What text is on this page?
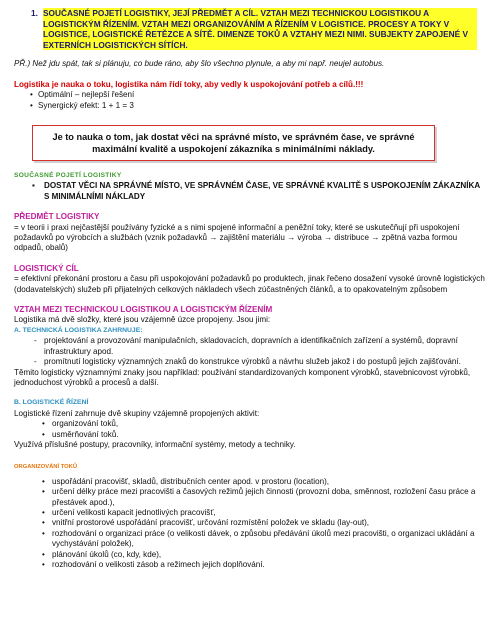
1. SOUČASNÉ POJETÍ LOGISTIKY, JEJÍ PŘEDMĚT A CÍL. VZTAH MEZI TECHNICKOU LOGISTIKOU A LOGISTICKÝM ŘÍZENÍM. VZTAH MEZI ORGANIZOVÁNÍM A ŘÍZENÍM V LOGISTICE. PROCESY A TOKY V LOGISTICE, LOGISTICKÉ ŘETĚZCE A SÍTĚ. DIMENZE TOKŮ A VZTAHY MEZI NIMI. SUBJEKTY ZAPOJENÉ V EXTERNÍCH LOGISTICKÝCH SÍTÍCH.
PŘ.) Než jdu spát, tak si plánuju, co bude ráno, aby šlo všechno plynule, a aby mi např. neujel autobus.
Logistika je nauka o toku, logistika nám řídí toky, aby vedly k uspokojování potřeb a cílů.!!!
• Optimální – nejlepší řešení
• Synergický efekt: 1 + 1 = 3
Je to nauka o tom, jak dostat věci na správné místo, ve správném čase, ve správné maximální kvalitě a uspokojení zákazníka s minimálními náklady.
SOUČASNÉ POJETÍ LOGISTIKY
▪ DOSTAT VĚCI NA SPRÁVNÉ MÍSTO, VE SPRÁVNÉM ČASE, VE SPRÁVNÉ KVALITĚ S USPOKOJENÍM ZÁKAZNÍKA S MINIMÁLNÍMI NÁKLADY
PŘEDMĚT LOGISTIKY
= v teorii i praxi nejčastější používány fyzické a s nimi spojené informační a peněžní toky, které se uskutečňují při uspokojení požadavků po výrobcích a službách (vznik požadavků → zajištění materiálu → výroba → distribuce → zpětná vazba formou odpadů, obalů)
LOGISTICKÝ CÍL
= efektivní překonání prostoru a času při uspokojování požadavků po produktech, jinak řečeno dosažení vysoké úrovně logistických (dodavatelských) služeb při přijatelných celkových nákladech všech zúčastněných článků, a to opakovatelným způsobem
VZTAH MEZI TECHNICKOU LOGISTIKOU A LOGISTICKÝM ŘÍZENÍM
Logistika má dvě složky, které jsou vzájemně úzce propojeny. Jsou jimi:
A. TECHNICKÁ LOGISTIKA ZAHRNUJE:
- projektování a provozování manipulačních, skladovacích, dopravních a identifikačních zařízení a systémů, dopravní infrastruktury apod.
- promítnutí logisticky významných znaků do konstrukce výrobků a návrhu služeb jakož i do postupů jejich zajišťování.
Těmito logisticky významnými znaky jsou například: používání standardizovaných komponent výrobků, stavebnicovost výrobků, jednoduchost výrobků a procesů a další.
B. LOGISTICKÉ ŘÍZENÍ
Logistické řízení zahrnuje dvě skupiny vzájemně propojených aktivit:
• organizování toků,
• usměrňování toků.
Využívá příslušné postupy, pracovníky, informační systémy, metody a techniky.
ORGANIZOVÁNÍ TOKŮ
• uspořádání pracovišť, skladů, distribučních center apod. v prostoru (location),
• určení délky práce mezi pracovišti a časových režimů jejich činnosti (provozní doba, směnnost, rozložení času práce a přestávek apod.),
• určení velikosti kapacit jednotlivých pracovišť,
• vnitřní prostorové uspořádání pracovišť, určování rozmístění položek ve skladu (lay-out),
• rozhodování o organizaci práce (o velikosti dávek, o způsobu předávání úkolů mezi pracovišti, o organizaci ukládání a vychystávání položek),
• plánování úkolů (co, kdy, kde),
• rozhodování o velikosti zásob a režimech jejich doplňování.
